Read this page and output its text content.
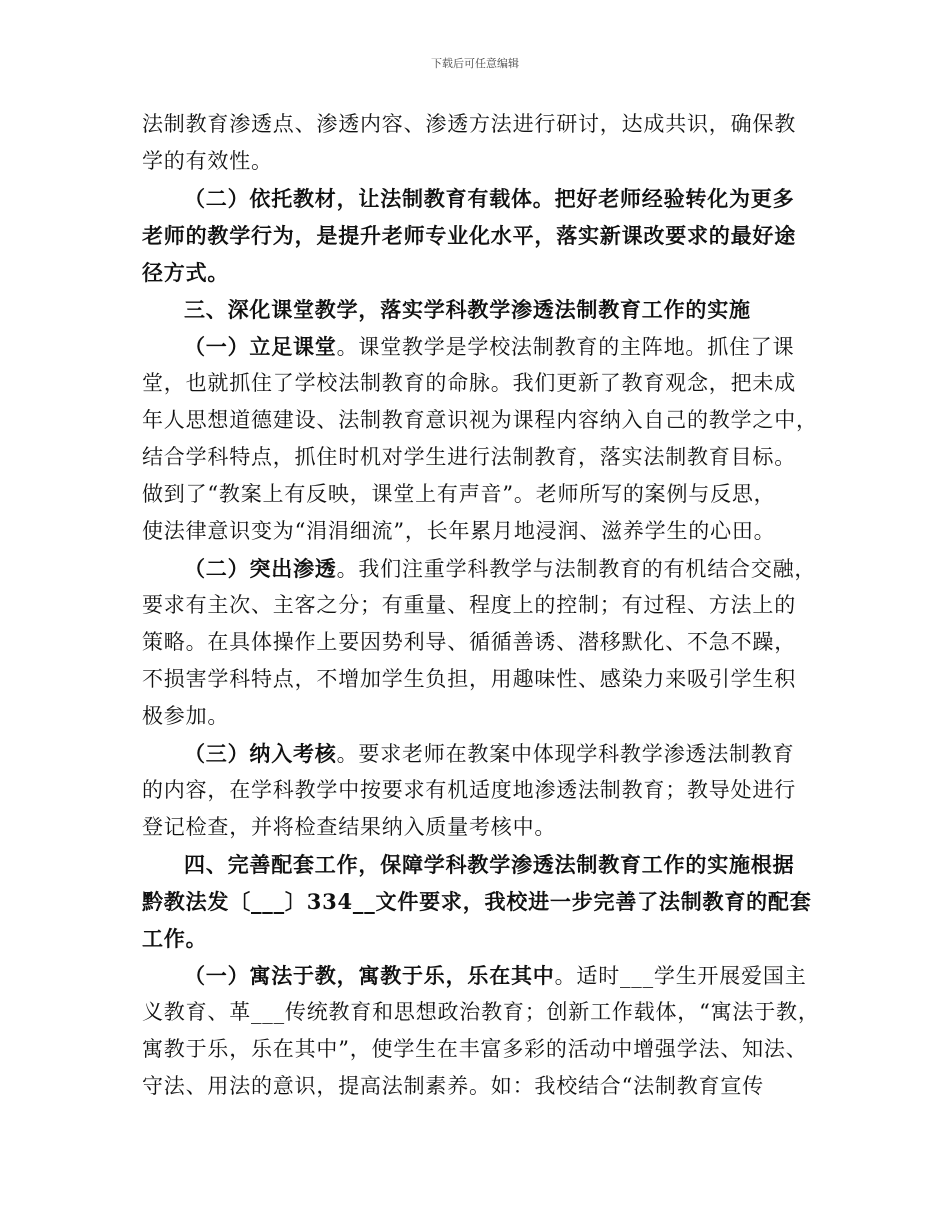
下载后可任意编辑
法制教育渗透点、渗透内容、渗透方法进行研讨，达成共识，确保教
学的有效性。
（二）依托教材，让法制教育有载体。把好老师经验转化为更多
老师的教学行为，是提升老师专业化水平，落实新课改要求的最好途
径方式。
三、深化课堂教学，落实学科教学渗透法制教育工作的实施
（一）立足课堂。课堂教学是学校法制教育的主阵地。抓住了课
堂，也就抓住了学校法制教育的命脉。我们更新了教育观念，把未成
年人思想道德建设、法制教育意识视为课程内容纳入自己的教学之中，
结合学科特点，抓住时机对学生进行法制教育，落实法制教育目标。
做到了“教案上有反映，课堂上有声音”。老师所写的案例与反思，
使法律意识变为“涓涓细流”，长年累月地浸润、滋养学生的心田。
（二）突出渗透。我们注重学科教学与法制教育的有机结合交融，
要求有主次、主客之分；有重量、程度上的控制；有过程、方法上的
策略。在具体操作上要因势利导、循循善诱、潜移默化、不急不躁，
不损害学科特点，不增加学生负担，用趣味性、感染力来吸引学生积
极参加。
（三）纳入考核。要求老师在教案中体现学科教学渗透法制教育
的内容，在学科教学中按要求有机适度地渗透法制教育；教导处进行
登记检查，并将检查结果纳入质量考核中。
四、完善配套工作，保障学科教学渗透法制教育工作的实施根据
黔教法发〔___〕334__文件要求，我校进一步完善了法制教育的配套
工作。
（一）寓法于教，寓教于乐，乐在其中。适时___学生开展爱国主
义教育、革___传统教育和思想政治教育；创新工作载体，“寓法于教，
寓教于乐，乐在其中”，使学生在丰富多彩的活动中增强学法、知法、
守法、用法的意识，提高法制素养。如：我校结合“法制教育宣传
